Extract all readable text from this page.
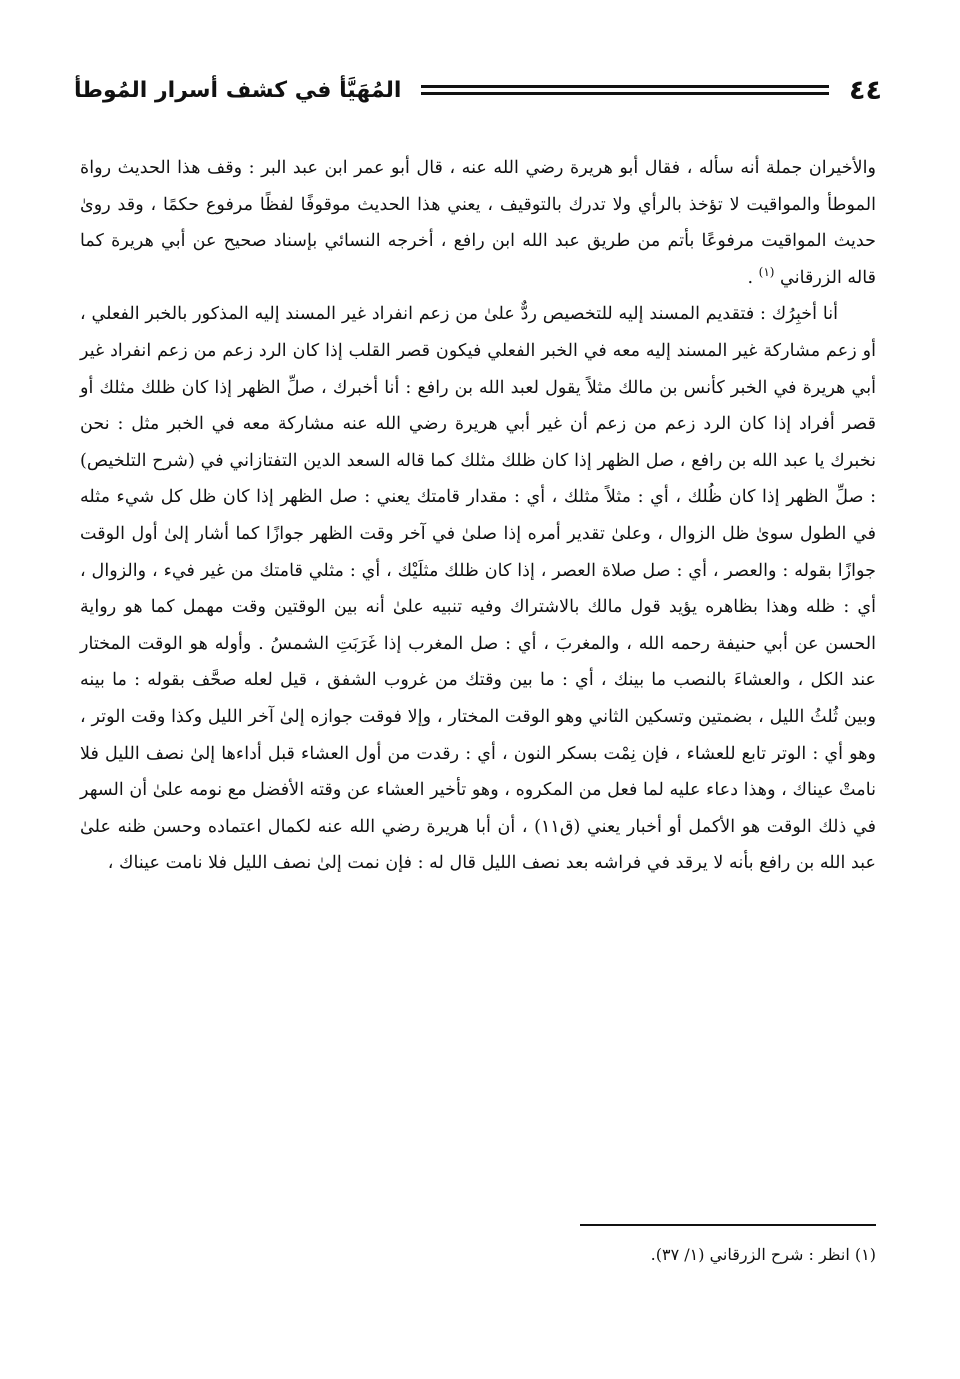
٤٤
المُهَيَّأ في كشف أسرار المُوطأ

والأخيران جملة أنه سأله ، فقال أبو هريرة رضي الله عنه ، قال أبو عمر ابن عبد البر : وقف هذا الحديث رواة الموطأ والمواقيت لا تؤخذ بالرأي ولا تدرك بالتوقيف ، يعني هذا الحديث موقوفًا لفظًا مرفوع حكمًا ، وقد روىٰ حديث المواقيت مرفوعًا بأتم من طريق عبد الله ابن رافع ، أخرجه النسائي بإسناد صحيح عن أبي هريرة كما قاله الزرقاني $^{(١)}$ .

أنا أخبِرُك : فتقديم المسند إليه للتخصيص ردٌّ علىٰ من زعم انفراد غير المسند إليه المذكور بالخبر الفعلي ، أو زعم مشاركة غير المسند إليه معه في الخبر الفعلي فيكون قصر القلب إذا كان الرد زعم من زعم انفراد غير أبي هريرة في الخبر كأنس بن مالك مثلاً يقول لعبد الله بن رافع : أنا أخبرك ، صلِّ الظهر إذا كان ظلك مثلك أو قصر أفراد إذا كان الرد زعم من زعم أن غير أبي هريرة رضي الله عنه مشاركة معه في الخبر مثل : نحن نخبرك يا عبد الله بن رافع ، صل الظهر إذا كان ظلك مثلك كما قاله السعد الدين التفتازاني في (شرح التلخيص) : صلِّ الظهر إذا كان ظُلك ، أي : مثلاً مثلك ، أي : مقدار قامتك يعني : صل الظهر إذا كان ظل كل شيء مثله في الطول سوىٰ ظل الزوال ، وعلىٰ تقدير أمره إذا صلىٰ في آخر وقت الظهر جوازًا كما أشار إلىٰ أول الوقت جوازًا بقوله : والعصر ، أي : صل صلاة العصر ، إذا كان ظلك مثلَيْك ، أي : مثلي قامتك من غير فيء ، والزوال ، أي : ظله وهذا بظاهره يؤيد قول مالك بالاشتراك وفيه تنبيه علىٰ أنه بين الوقتين وقت مهمل كما هو رواية الحسن عن أبي حنيفة رحمه الله ، والمغربَ ، أي : صل المغرب إذا غَرَبَتِ الشمسُ . وأوله هو الوقت المختار عند الكل ، والعشاءَ بالنصب ما بينك ، أي : ما بين وقتك من غروب الشفق ، قيل لعله صحَّف بقوله : ما بينه وبين ثُلثُ الليل ، بضمتين وتسكين الثاني وهو الوقت المختار ، وإلا فوقت جوازه إلىٰ آخر الليل وكذا وقت الوتر ، وهو أي : الوتر تابع للعشاء ، فإن نِمْت بسكر النون ، أي : رقدت من أول العشاء قبل أداءها إلىٰ نصف الليل فلا نامتْ عيناك ، وهذا دعاء عليه لما فعل من المكروه ، وهو تأخير العشاء عن وقته الأفضل مع نومه علىٰ أن السهر في ذلك الوقت هو الأكمل أو أخبار يعني (ق١١) ، أن أبا هريرة رضي الله عنه لكمال اعتماده وحسن ظنه علىٰ عبد الله بن رافع بأنه لا يرقد في فراشه بعد نصف الليل قال له : فإن نمت إلىٰ نصف الليل فلا نامت عيناك ،

(١) انظر : شرح الزرقاني (١/ ٣٧).
